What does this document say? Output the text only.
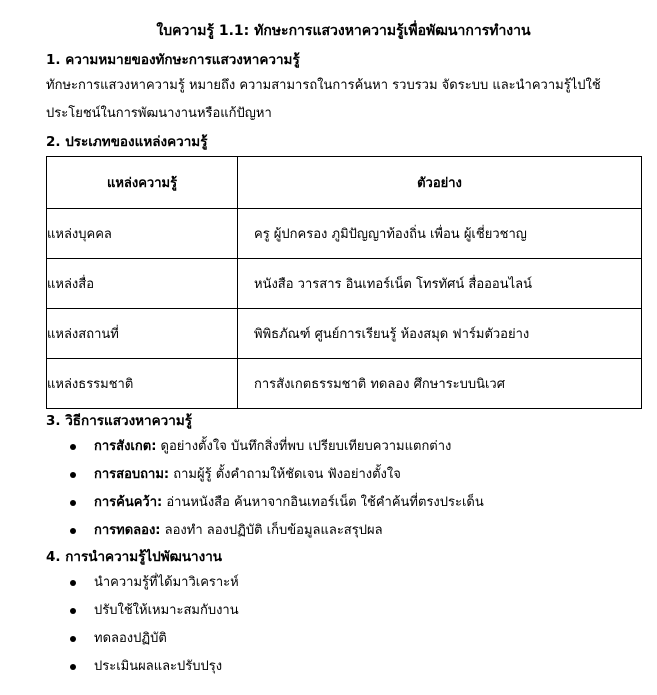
ใบความรู้ 1.1: ทักษะการแสวงหาความรู้เพื่อพัฒนาการทำงาน
1. ความหมายของทักษะการแสวงหาความรู้
ทักษะการแสวงหาความรู้ หมายถึง ความสามารถในการค้นหา รวบรวม จัดระบบ และนำความรู้ไปใช้
ประโยชน์ในการพัฒนางานหรือแก้ปัญหา
2. ประเภทของแหล่งความรู้
แหล่งความรู้	ตัวอย่าง
แหล่งบุคคล	ครู ผู้ปกครอง ภูมิปัญญาท้องถิ่น เพื่อน ผู้เชี่ยวชาญ
แหล่งสื่อ	หนังสือ วารสาร อินเทอร์เน็ต โทรทัศน์ สื่อออนไลน์
แหล่งสถานที่	พิพิธภัณฑ์ ศูนย์การเรียนรู้ ห้องสมุด ฟาร์มตัวอย่าง
แหล่งธรรมชาติ	การสังเกตธรรมชาติ ทดลอง ศึกษาระบบนิเวศ
3. วิธีการแสวงหาความรู้
การสังเกต: ดูอย่างตั้งใจ บันทึกสิ่งที่พบ เปรียบเทียบความแตกต่าง
การสอบถาม: ถามผู้รู้ ตั้งคำถามให้ชัดเจน ฟังอย่างตั้งใจ
การค้นคว้า: อ่านหนังสือ ค้นหาจากอินเทอร์เน็ต ใช้คำค้นที่ตรงประเด็น
การทดลอง: ลองทำ ลองปฏิบัติ เก็บข้อมูลและสรุปผล
4. การนำความรู้ไปพัฒนางาน
นำความรู้ที่ได้มาวิเคราะห์
ปรับใช้ให้เหมาะสมกับงาน
ทดลองปฏิบัติ
ประเมินผลและปรับปรุง
